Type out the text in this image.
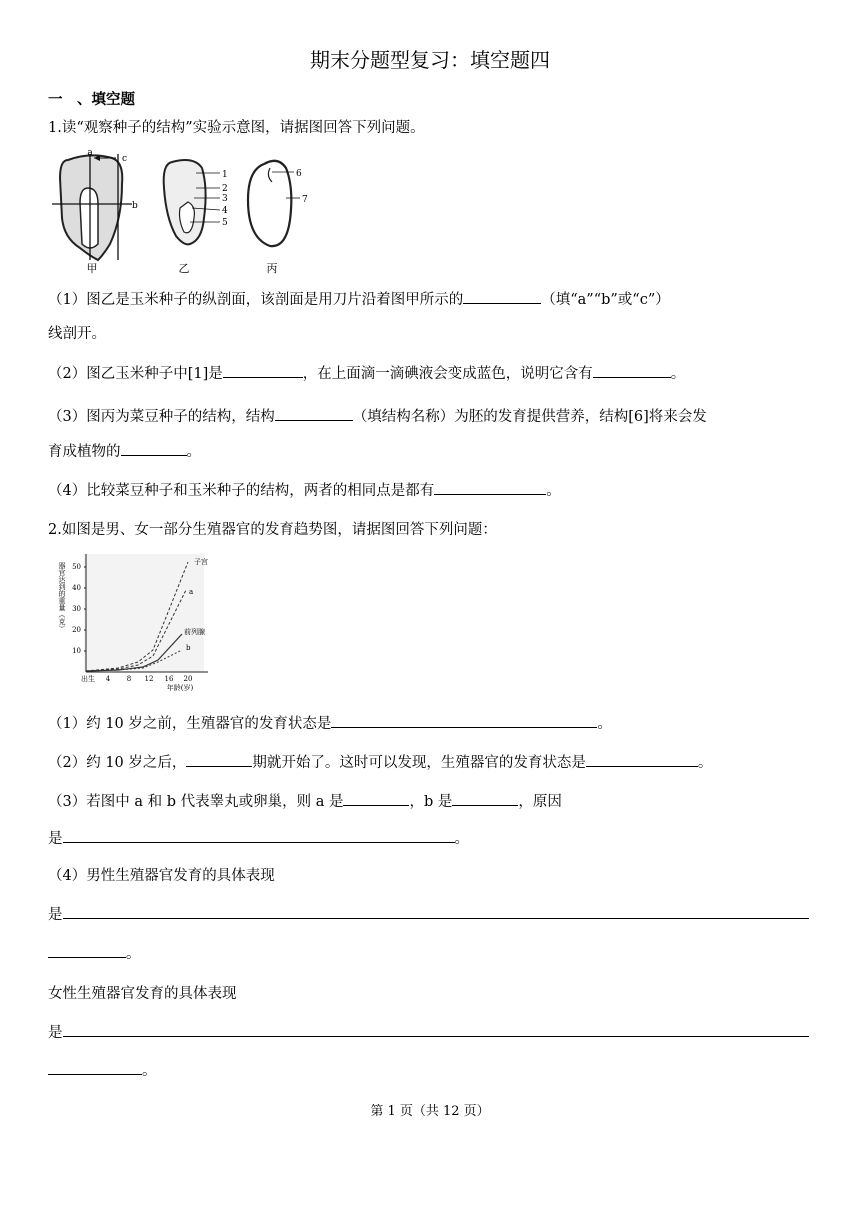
期末分题型复习：填空题四
一　、填空题
1.读“观察种子的结构”实验示意图，请据图回答下列问题。
a
c
b
1
2
3
4
5
6
7
甲	乙	丙
（1）图乙是玉米种子的纵剖面，该剖面是用刀片沿着图甲所示的	（填“a”“b”或“c”）
线剖开。
（2）图乙玉米种子中[1]是	，在上面滴一滴碘液会变成蓝色，说明它含有	。
（3）图丙为菜豆种子的结构，结构	（填结构名称）为胚的发育提供营养，结构[6]将来会发
育成植物的	。
（4）比较菜豆种子和玉米种子的结构，两者的相同点是都有	。
2.如图是男、女一部分生殖器官的发育趋势图，请据图回答下列问题：
器官达到的重量（克）
10
20
30
40
50
出生 4 8 12 16 20
年龄(岁)
子宫
a
前列腺
b
（1）约 10 岁之前，生殖器官的发育状态是	。
（2）约 10 岁之后，	期就开始了。这时可以发现，生殖器官的发育状态是	。
（3）若图中 a 和 b 代表睾丸或卵巢，则 a 是	，b 是	，原因
是	。
（4）男性生殖器官发育的具体表现
是
。
女性生殖器官发育的具体表现
是
。
第 1 页（共 12 页）
